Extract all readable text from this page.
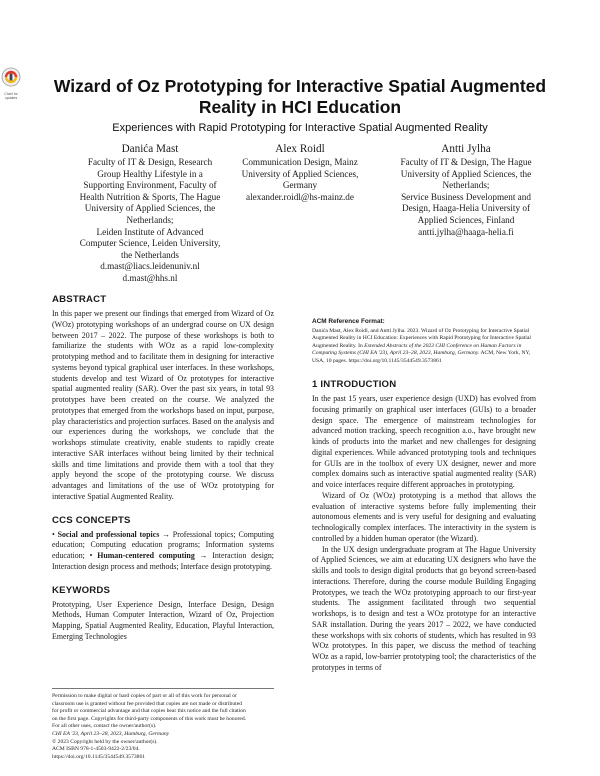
Chart for updates
Wizard of Oz Prototyping for Interactive Spatial Augmented Reality in HCI Education

Experiences with Rapid Prototyping for Interactive Spatial Augmented Reality

Danića Mast
Faculty of IT & Design, Research
Group Healthy Lifestyle in a
Supporting Environment, Faculty of
Health Nutrition & Sports, The Hague
University of Applied Sciences, the
Netherlands;
Leiden Institute of Advanced
Computer Science, Leiden University,
the Netherlands
d.mast@liacs.leidenuniv.nl
d.mast@hhs.nl
Alex Roidl
Communication Design, Mainz
University of Applied Sciences,
Germany
alexander.roidl@hs-mainz.de
Antti Jylha
Faculty of IT & Design, The Hague
University of Applied Sciences, the
Netherlands;
Service Business Development and
Design, Haaga-Helia University of
Applied Sciences, Finland
antti.jylha@haaga-helia.fi
ABSTRACT

In this paper we present our findings that emerged from Wizard of Oz (WOz) prototyping workshops of an undergrad course on UX design between 2017 – 2022. The purpose of these workshops is both to familiarize the students with WOz as a rapid low-complexity prototyping method and to facilitate them in designing for interactive systems beyond typical graphical user interfaces. In these workshops, students develop and test Wizard of Oz prototypes for interactive spatial augmented reality (SAR). Over the past six years, in total 93 prototypes have been created on the course. We analyzed the prototypes that emerged from the workshops based on input, purpose, play characteristics and projection surfaces. Based on the analysis and our experiences during the workshops, we conclude that the workshops stimulate creativity, enable students to rapidly create interactive SAR interfaces without being limited by their technical skills and time limitations and provide them with a tool that they apply beyond the scope of the prototyping course. We discuss advantages and limitations of the use of WOz prototyping for interactive Spatial Augmented Reality.

CCS CONCEPTS

• Social and professional topics → Professional topics; Computing education; Computing education programs; Information systems education; • Human-centered computing → Interaction design; Interaction design process and methods; Interface design prototyping.

KEYWORDS

Prototyping, User Experience Design, Interface Design, Design Methods, Human Computer Interaction, Wizard of Oz, Projection Mapping, Spatial Augmented Reality, Education, Playful Interaction, Emerging Technologies

Permission to make digital or hard copies of part or all of this work for personal or
classroom use is granted without fee provided that copies are not made or distributed
for profit or commercial advantage and that copies bear this notice and the full citation
on the first page. Copyrights for third-party components of this work must be honored.
For all other uses, contact the owner/author(s).
CHI EA '23, April 23–28, 2023, Hamburg, Germany
© 2023 Copyright held by the owner/author(s).
ACM ISBN 978-1-4503-9422-2/23/04.
https://doi.org/10.1145/3544549.3573861
ACM Reference Format:

Danića Mast, Alex Roidl, and Antti Jylha. 2023. Wizard of Oz Prototyping for Interactive Spatial Augmented Reality in HCI Education: Experiences with Rapid Prototyping for Interactive Spatial Augmented Reality. In Extended Abstracts of the 2023 CHI Conference on Human Factors in Computing Systems (CHI EA '23), April 23–28, 2023, Hamburg, Germany. ACM, New York, NY, USA, 10 pages. https://doi.org/10.1145/3544549.3573861

1 INTRODUCTION

In the past 15 years, user experience design (UXD) has evolved from focusing primarily on graphical user interfaces (GUIs) to a broader design space. The emergence of mainstream technologies for advanced motion tracking, speech recognition a.o., have brought new kinds of products into the market and new challenges for designing digital experiences. While advanced prototyping tools and techniques for GUIs are in the toolbox of every UX designer, newer and more complex domains such as interactive spatial augmented reality (SAR) and voice interfaces require different approaches in prototyping.

Wizard of Oz (WOz) prototyping is a method that allows the evaluation of interactive systems before fully implementing their autonomous elements and is very useful for designing and evaluating technologically complex interfaces. The interactivity in the system is controlled by a hidden human operator (the Wizard).

In the UX design undergraduate program at The Hague University of Applied Sciences, we aim at educating UX designers who have the skills and tools to design digital products that go beyond screen-based interactions. Therefore, during the course module Building Engaging Prototypes, we teach the WOz prototyping approach to our first-year students. The assignment facilitated through two sequential workshops, is to design and test a WOz prototype for an interactive SAR installation. During the years 2017 – 2022, we have conducted these workshops with six cohorts of students, which has resulted in 93 WOz prototypes. In this paper, we discuss the method of teaching WOz as a rapid, low-barrier prototyping tool; the characteristics of the prototypes in terms of
